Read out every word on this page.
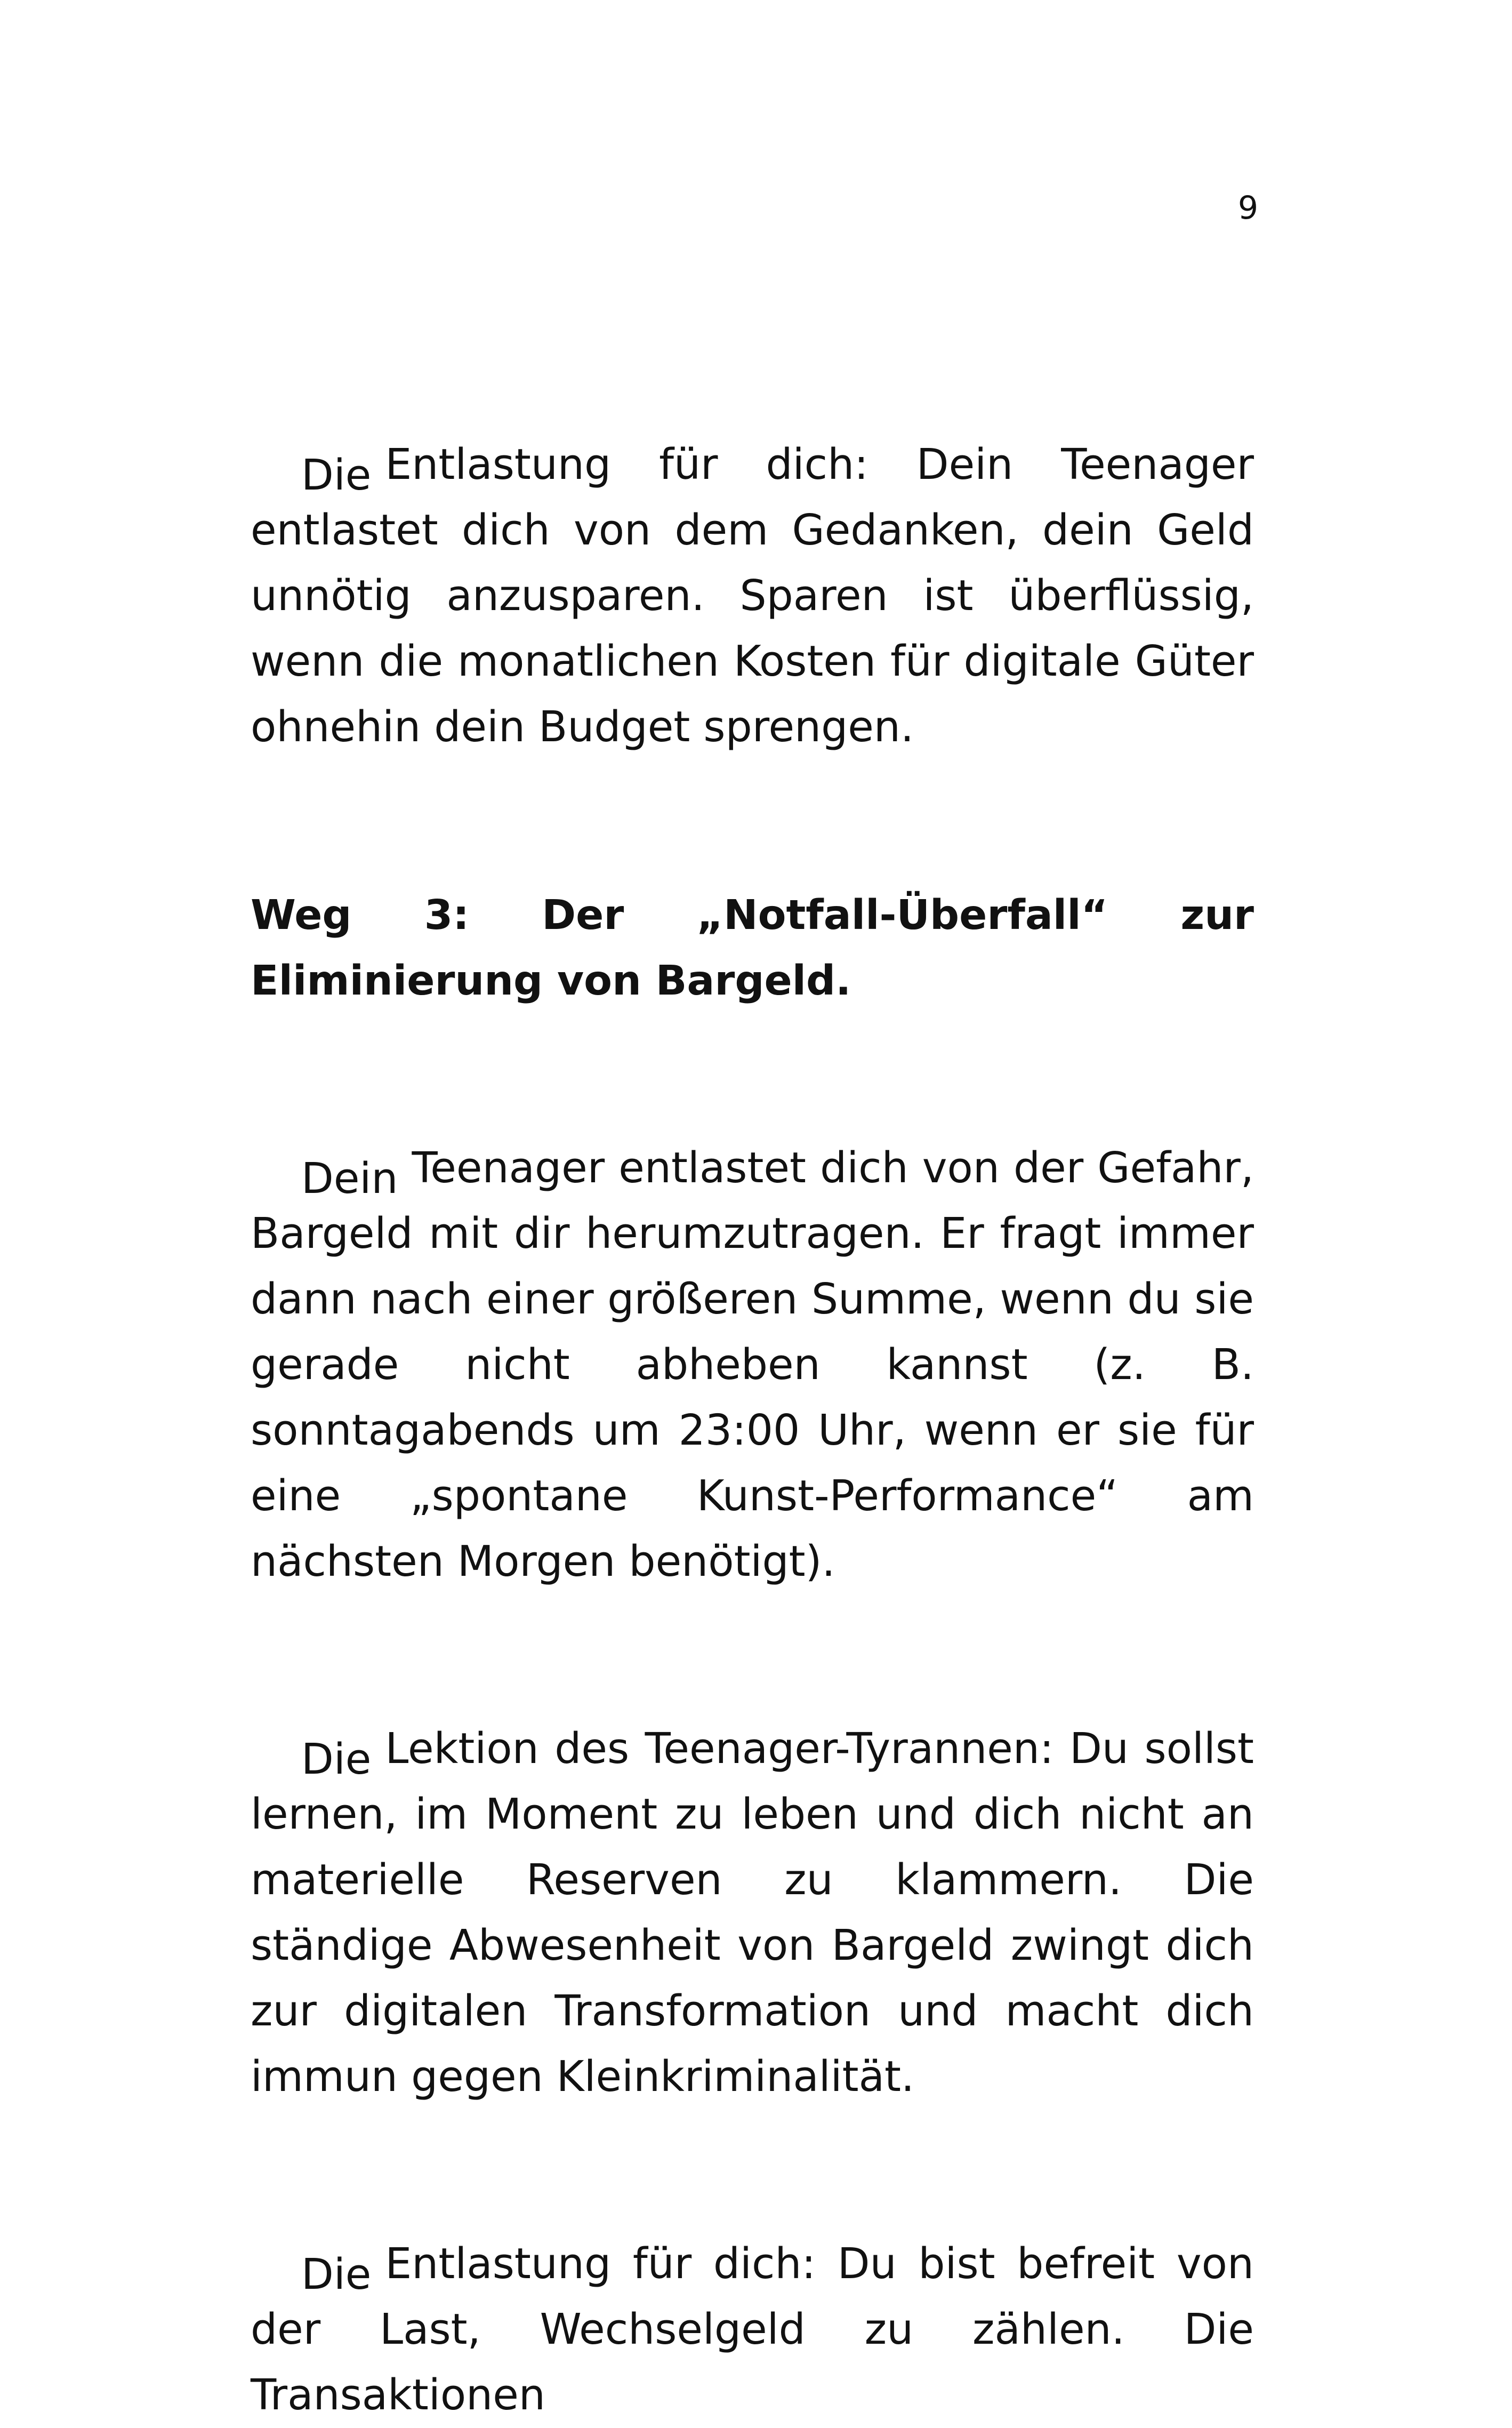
9

Die Entlastung für dich: Dein Teenager entlastet dich von dem Gedanken, dein Geld unnötig anzusparen. Sparen ist überflüssig, wenn die monatlichen Kosten für digitale Güter ohnehin dein Budget sprengen.

Weg 3: Der „Notfall-Überfall“ zur Eliminierung von Bargeld.

Dein Teenager entlastet dich von der Gefahr, Bargeld mit dir herumzutragen. Er fragt immer dann nach einer größeren Summe, wenn du sie gerade nicht abheben kannst (z. B. sonntagabends um 23:00 Uhr, wenn er sie für eine „spontane Kunst-Performance“ am nächsten Morgen benötigt).

Die Lektion des Teenager-Tyrannen: Du sollst lernen, im Moment zu leben und dich nicht an materielle Reserven zu klammern. Die ständige Abwesenheit von Bargeld zwingt dich zur digitalen Transformation und macht dich immun gegen Kleinkriminalität.

Die Entlastung für dich: Du bist befreit von der Last, Wechselgeld zu zählen. Die Transaktionen
